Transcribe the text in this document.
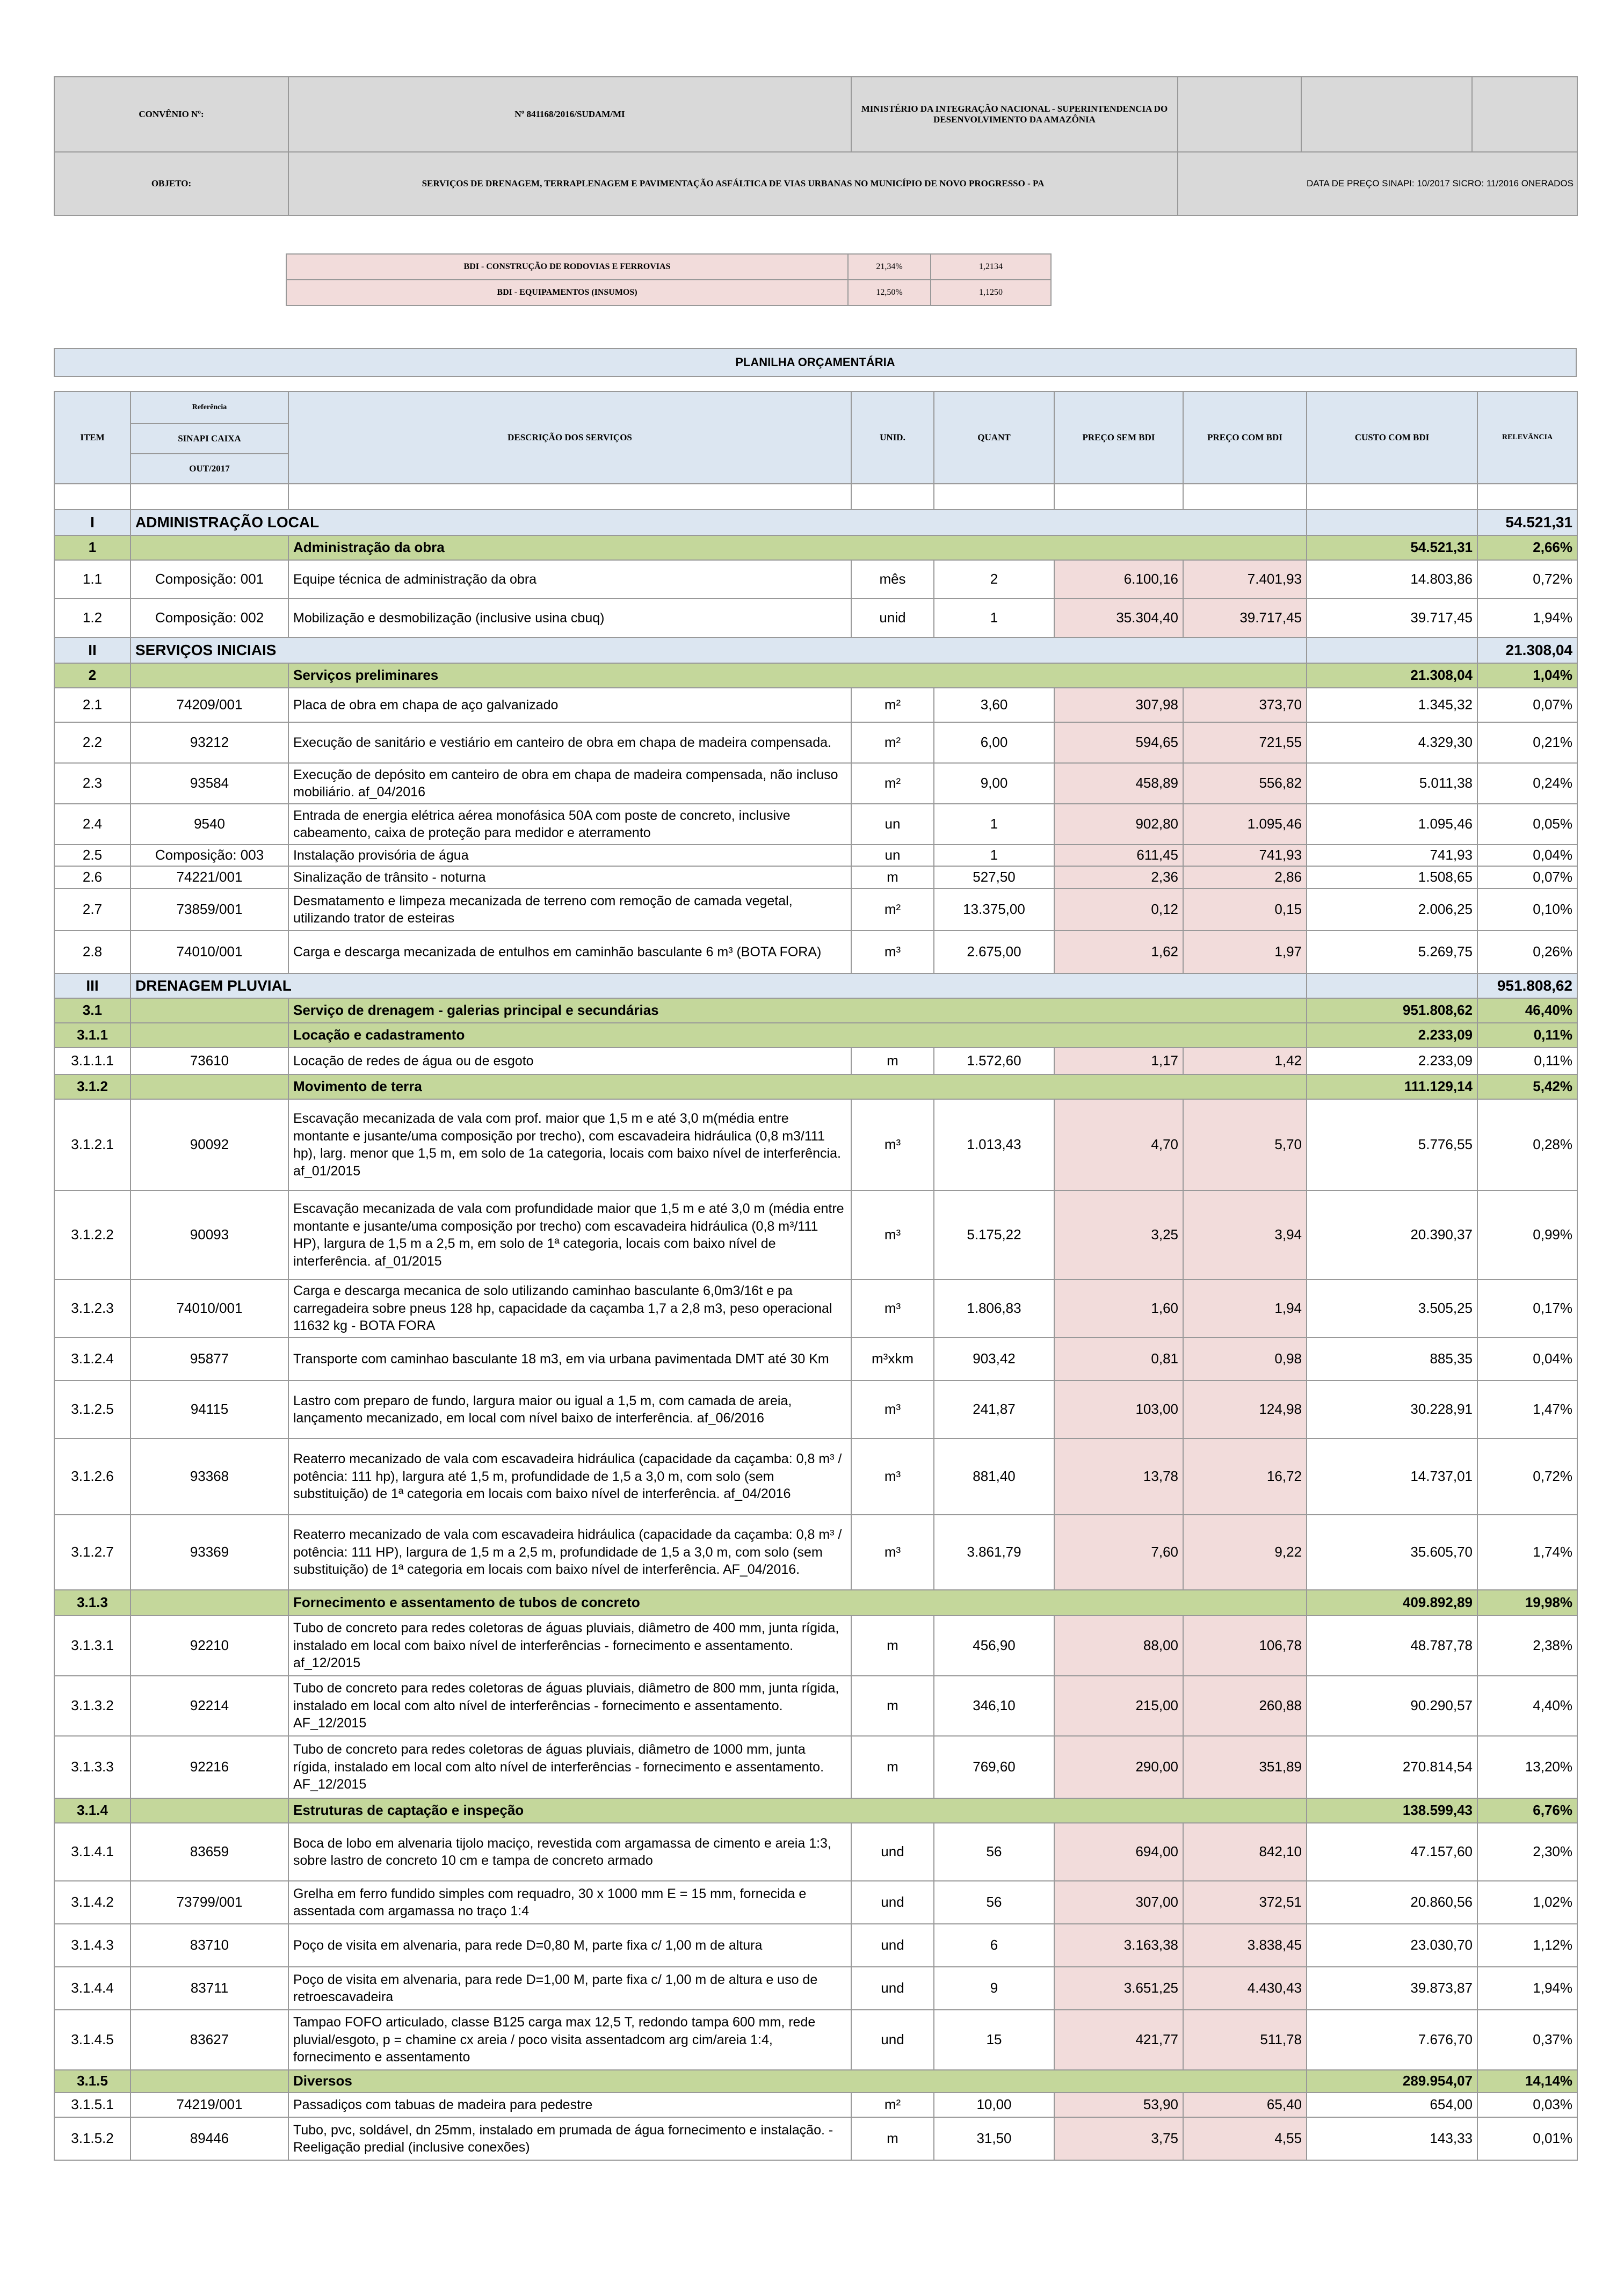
CONVÊNIO Nº:	Nº 841168/2016/SUDAM/MI	MINISTÉRIO DA INTEGRAÇÃO NACIONAL - SUPERINTENDENCIA DO DESENVOLVIMENTO DA AMAZÔNIA			
OBJETO:	SERVIÇOS DE DRENAGEM, TERRAPLENAGEM E PAVIMENTAÇÃO ASFÁLTICA DE VIAS URBANAS NO MUNICÍPIO DE NOVO PROGRESSO - PA		DATA DE PREÇO SINAPI: 10/2017 SICRO: 11/2016 ONERADOS		
BDI - CONSTRUÇÃO DE RODOVIAS E FERROVIAS	21,34%	1,2134
BDI - EQUIPAMENTOS (INSUMOS)	12,50%	1,1250
PLANILHA ORÇAMENTÁRIA
ITEM	Referência	DESCRIÇÃO DOS SERVIÇOS	UNID.	QUANT	PREÇO SEM BDI	PREÇO COM BDI	CUSTO COM BDI	RELEVÂNCIA	
	SINAPI CAIXA								
	OUT/2017								

I	ADMINISTRAÇÃO LOCAL							54.521,31	
1		Administração da obra					54.521,31	2,66%	
1.1	Composição: 001	Equipe técnica de administração da obra	mês	2	6.100,16	7.401,93	14.803,86	0,72%	
1.2	Composição: 002	Mobilização e desmobilização (inclusive usina cbuq)	unid	1	35.304,40	39.717,45	39.717,45	1,94%	
II	SERVIÇOS INICIAIS							21.308,04	
2		Serviços preliminares					21.308,04	1,04%	
2.1	74209/001	Placa de obra em chapa de aço galvanizado	m²	3,60	307,98	373,70	1.345,32	0,07%	
2.2	93212	Execução de sanitário e vestiário em canteiro de obra em chapa de madeira compensada.	m²	6,00	594,65	721,55	4.329,30	0,21%	
2.3	93584	Execução de depósito em canteiro de obra em chapa de madeira compensada, não incluso mobiliário. af_04/2016	m²	9,00	458,89	556,82	5.011,38	0,24%	
2.4	9540	Entrada de energia elétrica aérea monofásica 50A com poste de concreto, inclusive cabeamento, caixa de proteção para medidor e aterramento	un	1	902,80	1.095,46	1.095,46	0,05%	
2.5	Composição: 003	Instalação provisória de água	un	1	611,45	741,93	741,93	0,04%	
2.6	74221/001	Sinalização de trânsito - noturna	m	527,50	2,36	2,86	1.508,65	0,07%	
2.7	73859/001	Desmatamento e limpeza mecanizada de terreno com remoção de camada vegetal, utilizando trator de esteiras	m²	13.375,00	0,12	0,15	2.006,25	0,10%	
2.8	74010/001	Carga e descarga mecanizada de entulhos em caminhão basculante 6 m³ (BOTA FORA)	m³	2.675,00	1,62	1,97	5.269,75	0,26%	
III	DRENAGEM PLUVIAL							951.808,62	
3.1		Serviço de drenagem - galerias principal e secundárias					951.808,62	46,40%	
3.1.1		Locação e cadastramento					2.233,09	0,11%	
3.1.1.1	73610	Locação de redes de água ou de esgoto	m	1.572,60	1,17	1,42	2.233,09	0,11%	
3.1.2		Movimento de terra					111.129,14	5,42%	
3.1.2.1	90092	Escavação mecanizada de vala com prof. maior que 1,5 m e até 3,0 m(média entre montante e jusante/uma composição por trecho), com escavadeira hidráulica (0,8 m3/111 hp), larg. menor que 1,5 m, em solo de 1a categoria, locais com baixo nível de interferência. af_01/2015	m³	1.013,43	4,70	5,70	5.776,55	0,28%	
3.1.2.2	90093	Escavação mecanizada de vala com profundidade maior que 1,5 m e até 3,0 m (média entre montante e jusante/uma composição por trecho) com escavadeira hidráulica (0,8 m³/111 HP), largura de 1,5 m a 2,5 m, em solo de 1ª categoria, locais com baixo nível de interferência. af_01/2015	m³	5.175,22	3,25	3,94	20.390,37	0,99%	
3.1.2.3	74010/001	Carga e descarga mecanica de solo utilizando caminhao basculante 6,0m3/16t e pa carregadeira sobre pneus 128 hp, capacidade da caçamba 1,7 a 2,8 m3, peso operacional 11632 kg - BOTA FORA	m³	1.806,83	1,60	1,94	3.505,25	0,17%	
3.1.2.4	95877	Transporte com caminhao basculante 18 m3, em via urbana pavimentada DMT até 30 Km	m³xkm	903,42	0,81	0,98	885,35	0,04%	
3.1.2.5	94115	Lastro com preparo de fundo, largura maior ou igual a 1,5 m, com camada de areia, lançamento mecanizado, em local com nível baixo de interferência. af_06/2016	m³	241,87	103,00	124,98	30.228,91	1,47%	
3.1.2.6	93368	Reaterro mecanizado de vala com escavadeira hidráulica (capacidade da caçamba: 0,8 m³ / potência: 111 hp), largura até 1,5 m, profundidade de 1,5 a 3,0 m, com solo (sem substituição) de 1ª categoria em locais com baixo nível de interferência. af_04/2016	m³	881,40	13,78	16,72	14.737,01	0,72%	
3.1.2.7	93369	Reaterro mecanizado de vala com escavadeira hidráulica (capacidade da caçamba: 0,8 m³ / potência: 111 HP), largura de 1,5 m a 2,5 m, profundidade de 1,5 a 3,0 m, com solo (sem substituição) de 1ª categoria em locais com baixo nível de interferência. AF_04/2016.	m³	3.861,79	7,60	9,22	35.605,70	1,74%	
3.1.3		Fornecimento e assentamento de tubos de concreto					409.892,89	19,98%	
3.1.3.1	92210	Tubo de concreto para redes coletoras de águas pluviais, diâmetro de 400 mm, junta rígida, instalado em local com baixo nível de interferências - fornecimento e assentamento. af_12/2015	m	456,90	88,00	106,78	48.787,78	2,38%	
3.1.3.2	92214	Tubo de concreto para redes coletoras de águas pluviais, diâmetro de 800 mm, junta rígida, instalado em local com alto nível de interferências - fornecimento e assentamento. AF_12/2015	m	346,10	215,00	260,88	90.290,57	4,40%	
3.1.3.3	92216	Tubo de concreto para redes coletoras de águas pluviais, diâmetro de 1000 mm, junta rígida, instalado em local com alto nível de interferências - fornecimento e assentamento. AF_12/2015	m	769,60	290,00	351,89	270.814,54	13,20%	
3.1.4		Estruturas de captação e inspeção					138.599,43	6,76%	
3.1.4.1	83659	Boca de lobo em alvenaria tijolo maciço, revestida com argamassa de cimento e areia 1:3, sobre lastro de concreto 10 cm e tampa de concreto armado	und	56	694,00	842,10	47.157,60	2,30%	
3.1.4.2	73799/001	Grelha em ferro fundido simples com requadro, 30 x 1000 mm E = 15 mm, fornecida e assentada com argamassa no traço 1:4	und	56	307,00	372,51	20.860,56	1,02%	
3.1.4.3	83710	Poço de visita em alvenaria, para rede D=0,80 M, parte fixa c/ 1,00 m de altura	und	6	3.163,38	3.838,45	23.030,70	1,12%	
3.1.4.4	83711	Poço de visita em alvenaria, para rede D=1,00 M, parte fixa c/ 1,00 m de altura e uso de retroescavadeira	und	9	3.651,25	4.430,43	39.873,87	1,94%	
3.1.4.5	83627	Tampao FOFO articulado, classe B125 carga max 12,5 T, redondo tampa 600 mm, rede pluvial/esgoto, p = chamine cx areia / poco visita assentadcom arg cim/areia 1:4, fornecimento e assentamento	und	15	421,77	511,78	7.676,70	0,37%	
3.1.5		Diversos					289.954,07	14,14%	
3.1.5.1	74219/001	Passadiços com tabuas de madeira para pedestre	m²	10,00	53,90	65,40	654,00	0,03%	
3.1.5.2	89446	Tubo, pvc, soldável, dn 25mm, instalado em prumada de água fornecimento e instalação. - Reeligação predial (inclusive conexões)	m	31,50	3,75	4,55	143,33	0,01%	
